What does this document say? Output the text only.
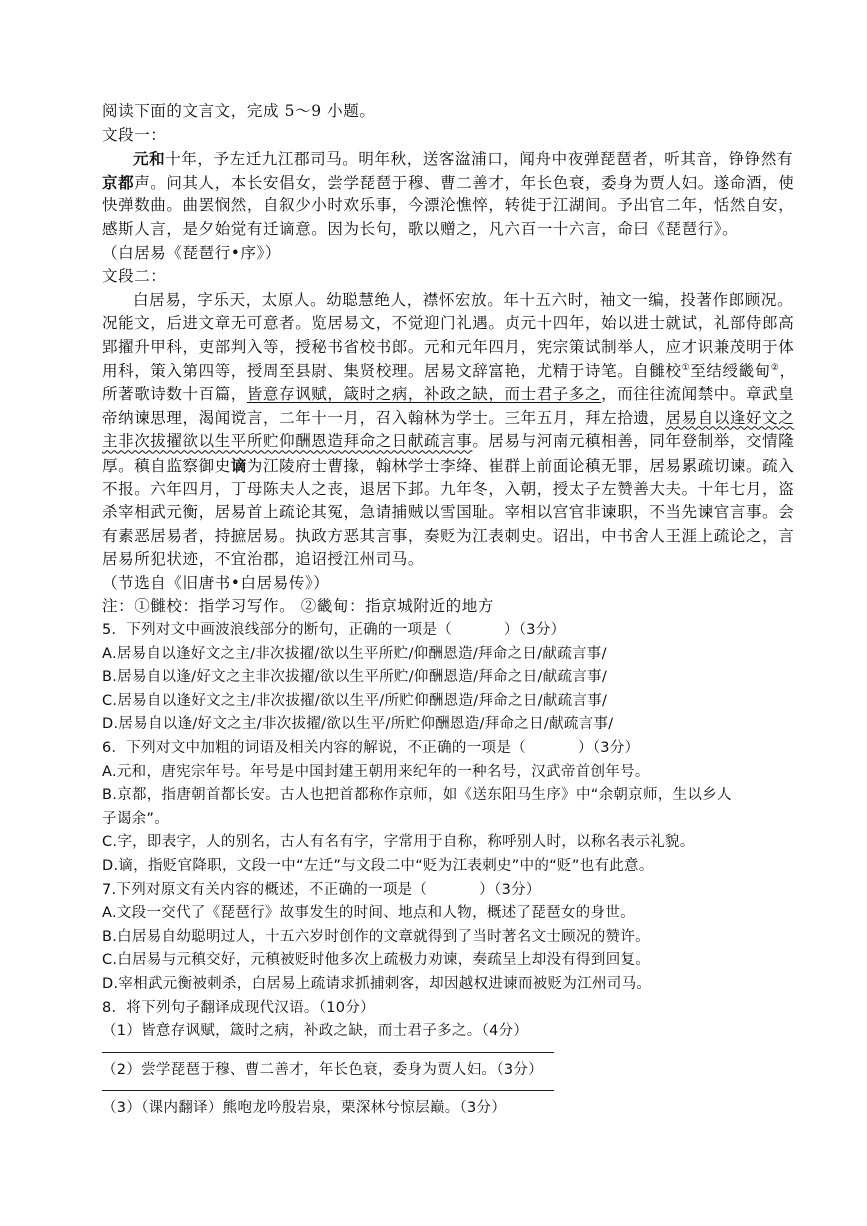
阅读下面的文言文，完成 5～9 小题。
文段一：
元和十年，予左迁九江郡司马。明年秋，送客湓浦口，闻舟中夜弹琵琶者，听其音，铮铮然有
京都声。问其人，本长安倡女，尝学琵琶于穆、曹二善才，年长色衰，委身为贾人妇。遂命酒，使
快弹数曲。曲罢悯然，自叙少小时欢乐事，今漂沦憔悴，转徙于江湖间。予出官二年，恬然自安，
感斯人言，是夕始觉有迁谪意。因为长句，歌以赠之，凡六百一十六言，命曰《琵琶行》。
（白居易《琵琶行•序》）
文段二：
白居易，字乐天，太原人。幼聪慧绝人，襟怀宏放。年十五六时，袖文一编，投著作郎顾况。
况能文，后进文章无可意者。览居易文，不觉迎门礼遇。贞元十四年，始以进士就试，礼部侍郎高
郢擢升甲科，吏部判入等，授秘书省校书郎。元和元年四月，宪宗策试制举人，应才识兼茂明于体
用科，策入第四等，授周至县尉、集贤校理。居易文辞富艳，尤精于诗笔。自雠校①至结绶畿甸②，
所著歌诗数十百篇，皆意存讽赋，箴时之病，补政之缺，而士君子多之，而往往流闻禁中。章武皇
帝纳谏思理，渴闻谠言，二年十一月，召入翰林为学士。三年五月，拜左拾遗，居易自以逢好文之
主非次拔擢欲以生平所贮仰酬恩造拜命之日献疏言事。居易与河南元稹相善，同年登制举，交情隆
厚。稹自监察御史谪为江陵府士曹掾，翰林学士李绛、崔群上前面论稹无罪，居易累疏切谏。疏入
不报。六年四月，丁母陈夫人之丧，退居下邽。九年冬，入朝，授太子左赞善大夫。十年七月，盗
杀宰相武元衡，居易首上疏论其冤，急请捕贼以雪国耻。宰相以宫官非谏职，不当先谏官言事。会
有素恶居易者，持摭居易。执政方恶其言事，奏贬为江表刺史。诏出，中书舍人王涯上疏论之，言
居易所犯状迹，不宜治郡，追诏授江州司马。
（节选自《旧唐书•白居易传》）
注：①雠校：指学习写作。 ②畿甸：指京城附近的地方
5．下列对文中画波浪线部分的断句，正确的一项是（	）（3分）
A.居易自以逢好文之主/非次拔擢/欲以生平所贮/仰酬恩造/拜命之日/献疏言事/
B.居易自以逢/好文之主非次拔擢/欲以生平所贮/仰酬恩造/拜命之日/献疏言事/
C.居易自以逢好文之主/非次拔擢/欲以生平/所贮仰酬恩造/拜命之日/献疏言事/
D.居易自以逢/好文之主/非次拔擢/欲以生平/所贮仰酬恩造/拜命之日/献疏言事/
6．下列对文中加粗的词语及相关内容的解说，不正确的一项是（	）（3分）
A.元和，唐宪宗年号。年号是中国封建王朝用来纪年的一种名号，汉武帝首创年号。
B.京都，指唐朝首都长安。古人也把首都称作京师，如《送东阳马生序》中“余朝京师，生以乡人
子谒余”。
C.字，即表字，人的别名，古人有名有字，字常用于自称，称呼别人时，以称名表示礼貌。
D.谪，指贬官降职，文段一中“左迁”与文段二中“贬为江表刺史”中的“贬”也有此意。
7.下列对原文有关内容的概述，不正确的一项是（	）（3分）
A.文段一交代了《琵琶行》故事发生的时间、地点和人物，概述了琵琶女的身世。
B.白居易自幼聪明过人，十五六岁时创作的文章就得到了当时著名文士顾况的赞许。
C.白居易与元稹交好，元稹被贬时他多次上疏极力劝谏，奏疏呈上却没有得到回复。
D.宰相武元衡被刺杀，白居易上疏请求抓捕刺客，却因越权进谏而被贬为江州司马。
8．将下列句子翻译成现代汉语。（10分）
（1）皆意存讽赋，箴时之病，补政之缺，而士君子多之。（4分）
（2）尝学琵琶于穆、曹二善才，年长色衰，委身为贾人妇。（3分）
（3）（课内翻译）熊咆龙吟殷岩泉，栗深林兮惊层巅。（3分）
